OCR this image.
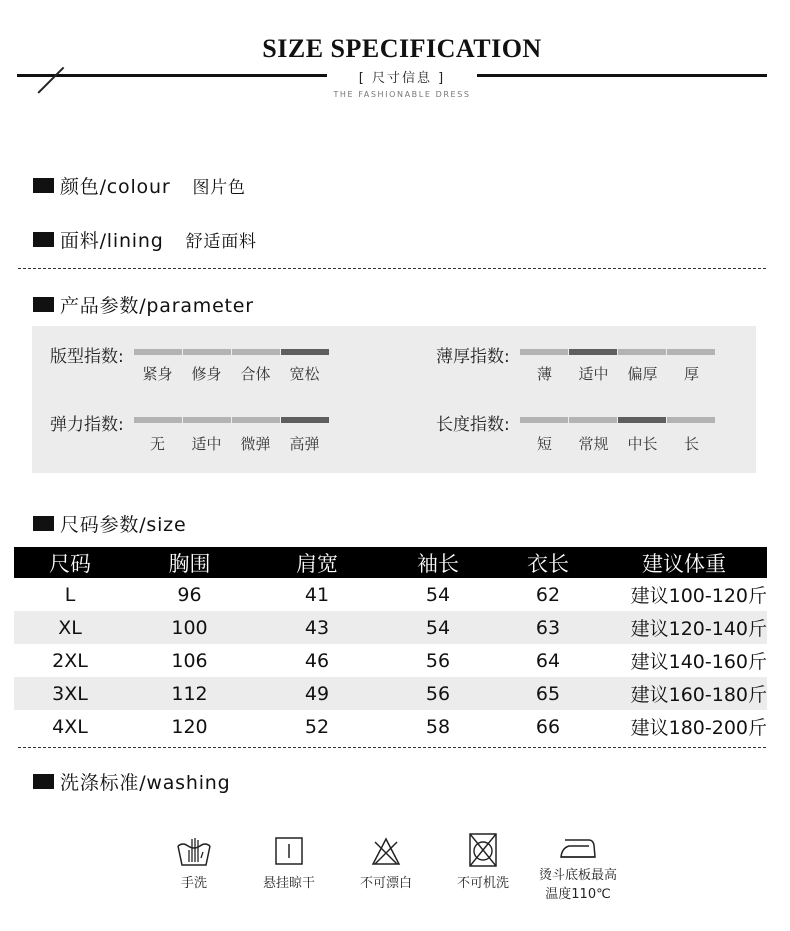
SIZE SPECIFICATION
[ 尺寸信息 ]
THE FASHIONABLE DRESS
颜色/colour 图片色
面料/lining 舒适面料
产品参数/parameter
版型指数:
紧身	修身	合体	宽松
薄厚指数:
薄	适中	偏厚	厚
弹力指数:
无	适中	微弹	高弹
长度指数:
短	常规	中长	长
尺码参数/size
尺码	胸围	肩宽	袖长	衣长	建议体重
L	96	41	54	62	建议100-120斤
XL	100	43	54	63	建议120-140斤
2XL	106	46	56	64	建议140-160斤
3XL	112	49	56	65	建议160-180斤
4XL	120	52	58	66	建议180-200斤
洗涤标准/washing
手洗	悬挂晾干	不可漂白	不可机洗
烫斗底板最高
温度110℃
